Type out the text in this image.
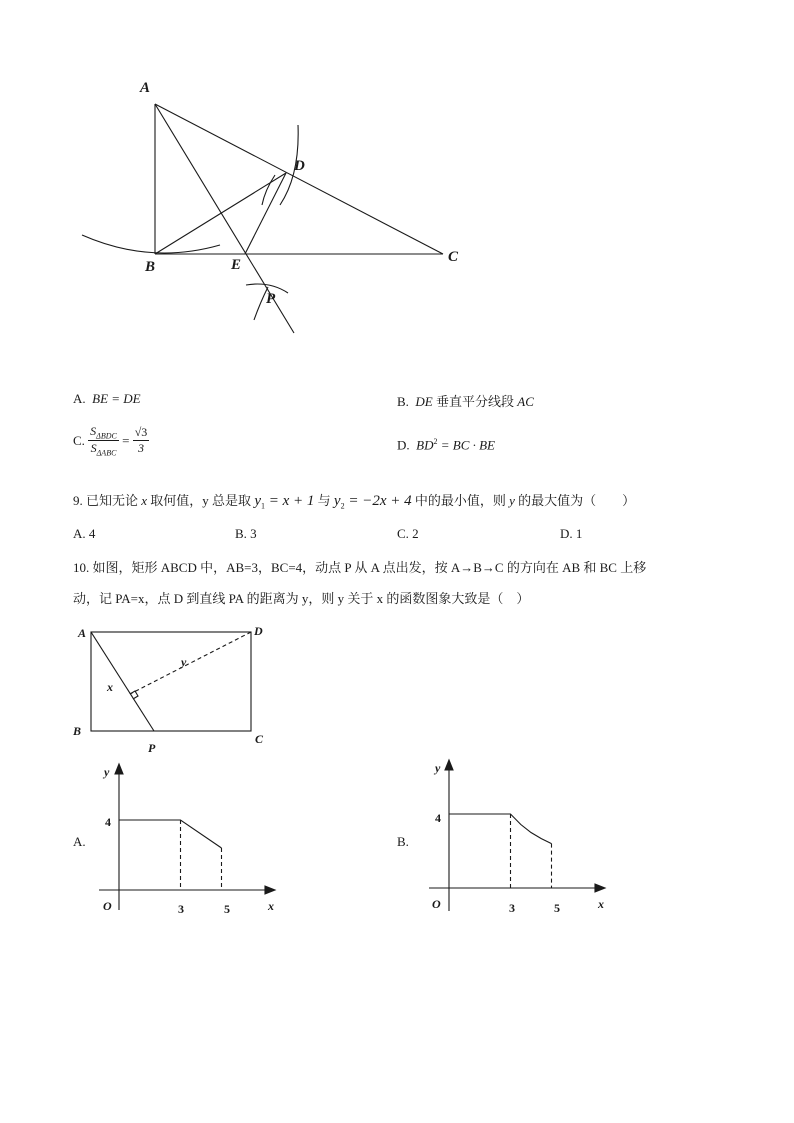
A
D
B	E	C
P
A. BE = DE	B. DE 垂直平分线段 AC
C. $\frac{S_{\Delta BDC}}{S_{\Delta ABC}} = \frac{√3}{3}$	D. $BD^2$ = BC · BE
9. 已知无论 x 取何值，y 总是取 $y_1 = x + 1$ 与 $y_2 = -2x + 4$ 中的最小值，则 y 的最大值为（　　）
A. 4	B. 3	C. 2	D. 1
10. 如图，矩形 ABCD 中，AB=3，BC=4，动点 P 从 A 点出发，按 A→B→C 的方向在 AB 和 BC 上移
动，记 PA=x，点 D 到直线 PA 的距离为 y，则 y 关于 x 的函数图象大致是（　）
A	D
B
C
P
x
y
A.
y
4
O	3	5	x
B.
y
4
O	3	5	x
